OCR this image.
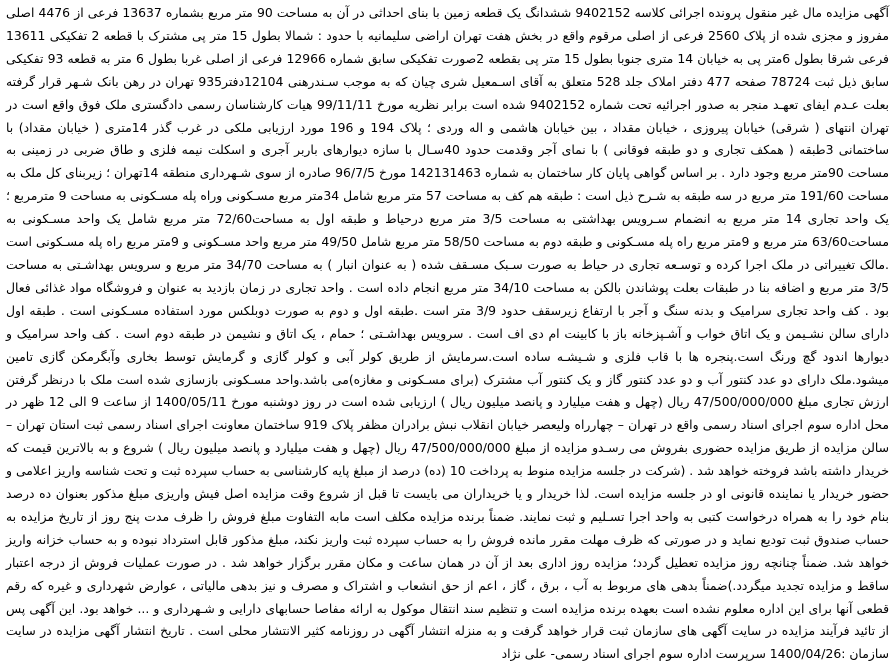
آگهی مزایده مال غیر منقول پرونده اجرائی کلاسه 9402152 ششدانگ یک قطعه زمین با بنای احداثی در آن به مساحت 90 متر مربع بشماره 13637 فرعی از 4476 اصلی مفروز و مجزی شده از پلاک 2560 فرعی از اصلی مرقوم واقع در بخش هفت تهران اراضی سلیمانیه با حدود : شمالا بطول 15 متر پی مشترک با قطعه 2 تفکیکی 13611 فرعی شرقا بطول 6متر پی به خیابان 14 متری جنوبا بطول 15 متر پی بقطعه 2صورت تفکیکی سابق شماره 12966 فرعی از اصلی غربا بطول 6 متر به قطعه 93 تفکیکی سابق ذیل ثبت 78724 صفحه 477 دفتر املاک جلد 528 متعلق به آقای اسـمعیل شری چیان که به موجب سـندرهنی 12104دفتر935 تهران در رهن بانک شـهر قرار گرفته بعلت عـدم ایفای تعهـد منجر به صدور اجرائیه تحت شماره 9402152 شده است برابر نظریه مورخ 99/11/11 هیات کارشناسان رسمی دادگستری ملک فوق واقع است در تهران انتهای ( شرقی) خیابان پیروزی ، خیابان مقداد ، بین خیابان هاشمی و اله وردی ؛ پلاک 194 و 196 مورد ارزیابی ملکی در غرب گذر 14متری ( خیابان مقداد) با ساختمانی 3طبقه ( همکف تجاری و دو طبقه فوقانی ) با نمای آجر وقدمت حدود 40سـال با سازه دیوارهای باربر آجری و اسکلت نیمه فلزی و طاق ضربی در زمینی به مساحت 90متر مربع وجود دارد . بر اساس گواهی پایان کار ساختمان به شماره 142131463 مورخ 96/7/5 صادره از سوی شـهرداری منطقه 14تهران ؛ زیربنای کل ملک به مساحت 191/60 متر مربع در سه طبقه به شـرح ذیل است : طبقه هم کف به مساحت 57 متر مربع شامل 34متر مربع مسـکونی وراه پله مسـکونی به مساحت 9 مترمربع ؛ یک واحد تجاری 14 متر مربع به انضمام سـرویس بهداشتی به مساحت 3/5 متر مربع درحیاط و طبقه اول به مساحت72/60 متر مربع شامل یک واحد مسـکونی به مساحت63/60 متر مربع و 9متر مربع راه پله مسـکونی و طبقه دوم به مساحت 58/50 متر مربع شامل 49/50 متر مربع واحد مسـکونی و 9متر مربع راه پله مسـکونی است .مالک تغییراتی در ملک اجرا کرده و توسـعه تجاری در حیاط به صورت سـبک مسـقف شده ( به عنوان انبار ) به مساحت 34/70 متر مربع و سرویس بهداشـتی به مساحت 3/5 متر مربع و اضافه بنا در طبقات بعلت پوشاندن بالکن به مساحت 34/10 متر مربع انجام داده است . واحد تجاری در زمان بازدید به عنوان و فروشگاه مواد غذائی فعال بود . کف واحد تجاری سرامیک و بدنه سنگ و آجر با ارتفاع زیرسقف حدود 3/9 متر است .طبقه اول و دوم به صورت دوبلکس مورد استفاده مسـکونی است . طبقه اول دارای سالن نشـیمن و یک اتاق خواب و آشـپزخانه باز با کابینت ام دی اف است . سرویس بهداشـتی ؛ حمام ، یک اتاق و نشیمن در طبقه دوم است . کف واحد سرامیک و دیوارها اندود گچ ورنگ است.پنجره ها با قاب فلزی و شـیشـه ساده است.سرمایش از طریق کولر آبی و کولر گازی و گرمایش توسط بخاری وآبگرمکن گازی تامین میشود.ملک دارای دو عدد کنتور آب و دو عدد کنتور گاز و یک کنتور آب مشترک (برای مسـکونی و مغازه)می باشد.واحد مسـکونی بازسازی شده است ملک با درنظر گرفتن ارزش تجاری مبلغ 47/500/000/000 ریال (چهل و هفت میلیارد و پانصد میلیون ریال ) ارزیابی شده است در روز دوشنبه مورخ 1400/05/11 از ساعت 9 الی 12 ظهر در محل اداره سوم اجرای اسناد رسمی واقع در تهران – چهارراه ولیعصر خیابان انقلاب نبش برادران مظفر پلاک 919 ساختمان معاونت اجرای اسناد رسمی ثبت استان تهران – سالن مزایده از طریق مزایده حضوری بفروش می رسـدو مزایده از مبلغ 47/500/000/000 ریال (چهل و هفت میلیارد و پانصد میلیون ریال ) شروع و به بالاترین قیمت که خریدار داشته باشد فروخته خواهد شد . (شرکت در جلسه مزایده منوط به پرداخت 10 (ده) درصد از مبلغ پایه کارشناسی به حساب سپرده ثبت و تحت شناسه واریز اعلامی و حضور خریدار یا نماینده قانونی او در جلسه مزایده است. لذا خریدار و یا خریداران می بایست تا قبل از شروع وقت مزایده اصل فیش واریزی مبلغ مذکور بعنوان ده درصد بنام خود را به همراه درخواست کتبی به واحد اجرا تسـلیم و ثبت نمایند. ضمناً برنده مزایده مکلف است مابه التفاوت مبلغ فروش را ظرف مدت پنج روز از تاریخ مزایده به حساب صندوق ثبت تودیع نماید و در صورتی که ظرف مهلت مقرر مانده فروش را به حساب سپرده ثبت واریز نکند، مبلغ مذکور قابل استرداد نبوده و به حساب خزانه واریز خواهد شد. ضمناً چنانچه روز مزایده تعطیل گردد؛ مزایده روز اداری بعد از آن در همان ساعت و مکان مقرر برگزار خواهد شد . در صورت عملیات فروش از درجه اعتبار ساقط و مزایده تجدید میگردد.)ضمناً بدهی های مربوط به آب ، برق ، گاز ، اعم از حق انشعاب و اشتراک و مصرف و نیز بدهی مالیاتی ، عوارض شهرداری و غیره که رقم قطعی آنها برای این اداره معلوم نشده است بعهده برنده مزایده است و تنظیم سند انتقال موکول به ارائه مفاصا حسابهای دارایی و شـهرداری و ... خواهد بود. این آگهی پس از تائید فرآیند مزایده در سایت آگهی های سازمان ثبت قرار خواهد گرفت و به منزله انتشار آگهی در روزنامه کثیر الانتشار محلی است . تاریخ انتشار آگهی مزایده در سایت سازمان :1400/04/26 سرپرست اداره سوم اجرای اسناد رسمی- علی نژاد
